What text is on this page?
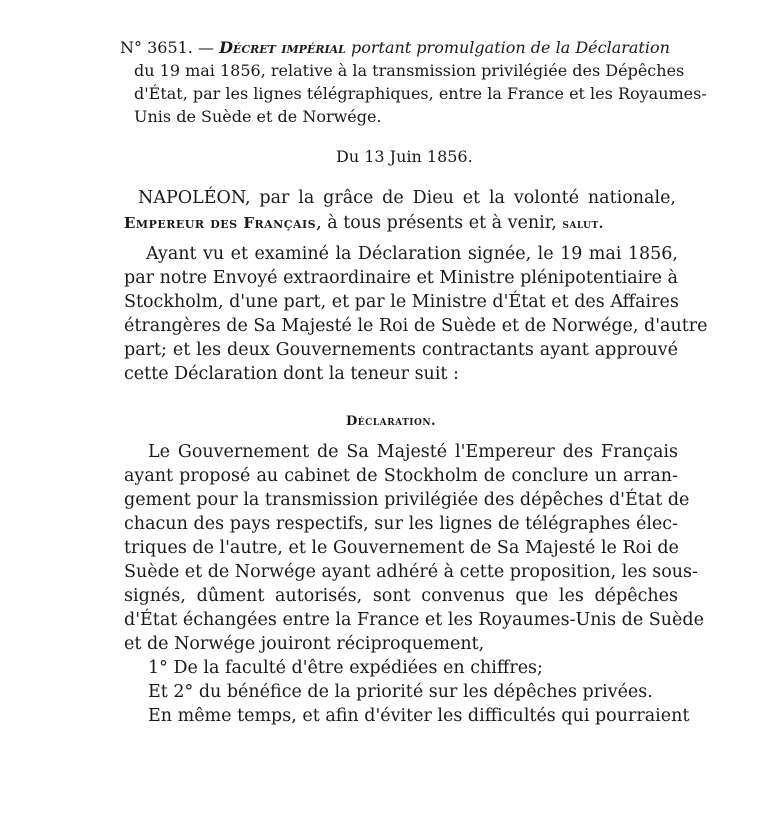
N° 3651. — Décret impérial portant promulgation de la Déclaration
du 19 mai 1856, relative à la transmission privilégiée des Dépêches
d'État, par les lignes télégraphiques, entre la France et les Royaumes-
Unis de Suède et de Norwége.
Du 13 Juin 1856.
NAPOLÉON, par la grâce de Dieu et la volonté nationale,
Empereur des Français, à tous présents et à venir, salut.
Ayant vu et examiné la Déclaration signée, le 19 mai 1856,
par notre Envoyé extraordinaire et Ministre plénipotentiaire à
Stockholm, d'une part, et par le Ministre d'État et des Affaires
étrangères de Sa Majesté le Roi de Suède et de Norwége, d'autre
part; et les deux Gouvernements contractants ayant approuvé
cette Déclaration dont la teneur suit :
Déclaration.
Le Gouvernement de Sa Majesté l'Empereur des Français
ayant proposé au cabinet de Stockholm de conclure un arran-
gement pour la transmission privilégiée des dépêches d'État de
chacun des pays respectifs, sur les lignes de télégraphes élec-
triques de l'autre, et le Gouvernement de Sa Majesté le Roi de
Suède et de Norwége ayant adhéré à cette proposition, les sous-
signés, dûment autorisés, sont convenus que les dépêches
d'État échangées entre la France et les Royaumes-Unis de Suède
et de Norwége jouiront réciproquement,
1° De la faculté d'être expédiées en chiffres;
Et 2° du bénéfice de la priorité sur les dépêches privées.
En même temps, et afin d'éviter les difficultés qui pourraient
